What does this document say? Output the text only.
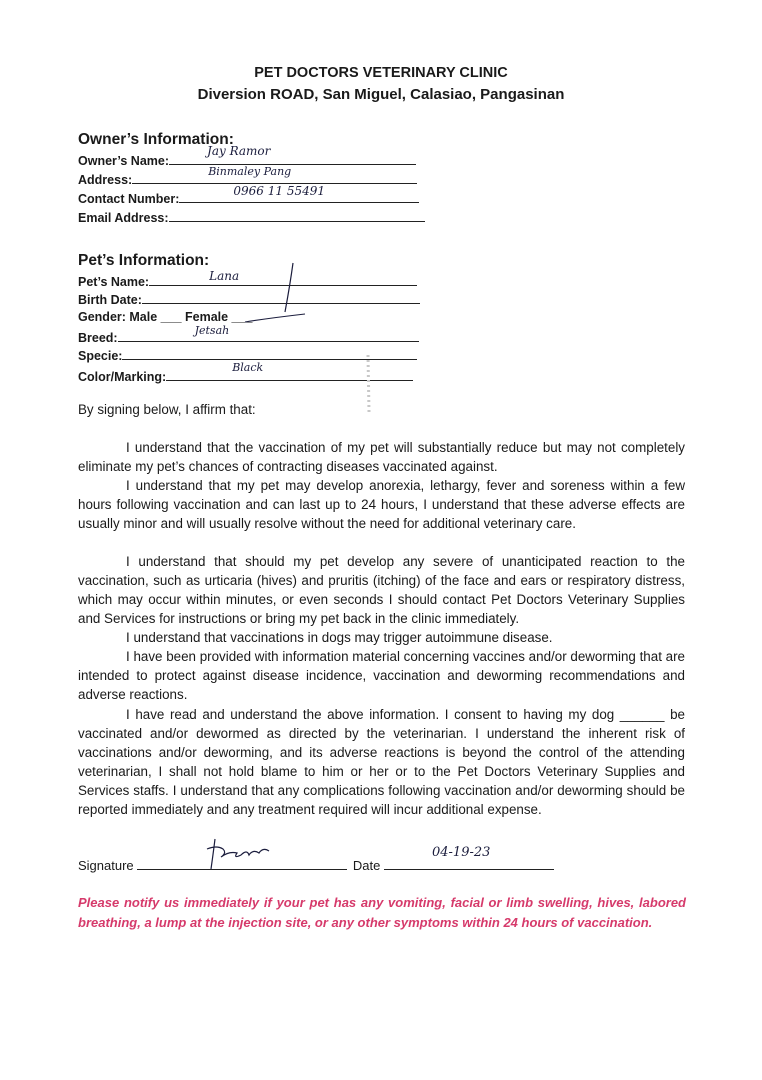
PET DOCTORS VETERINARY CLINIC
Diversion ROAD, San Miguel, Calasiao, Pangasinan
Owner’s Information:
Owner’s Name:
Jay Ramor
Address:
Binmaley Pang
Contact Number:
0966 11 55491
Email Address:
Pet’s Information:
Pet’s Name:	Lana
Birth Date:
Gender: Male ___ Female ___
Breed:
Jetsah
Specie:
Color/Marking:
Black
By signing below, I affirm that:
I understand that the vaccination of my pet will substantially reduce but may not completely eliminate my pet’s chances of contracting diseases vaccinated against.
I understand that my pet may develop anorexia, lethargy, fever and soreness within a few hours following vaccination and can last up to 24 hours, I understand that these adverse effects are usually minor and will usually resolve without the need for additional veterinary care.
I understand that should my pet develop any severe of unanticipated reaction to the vaccination, such as urticaria (hives) and pruritis (itching) of the face and ears or respiratory distress, which may occur within minutes, or even seconds I should contact Pet Doctors Veterinary Supplies and Services for instructions or bring my pet back in the clinic immediately.
I understand that vaccinations in dogs may trigger autoimmune disease.
I have been provided with information material concerning vaccines and/or deworming that are intended to protect against disease incidence, vaccination and deworming recommendations and adverse reactions.
I have read and understand the above information. I consent to having my dog ______ be vaccinated and/or dewormed as directed by the veterinarian. I understand the inherent risk of vaccinations and/or deworming, and its adverse reactions is beyond the control of the attending veterinarian, I shall not hold blame to him or her or to the Pet Doctors Veterinary Supplies and Services staffs. I understand that any complications following vaccination and/or deworming should be reported immediately and any treatment required will incur additional expense.
Signature	Date
04-19-23
Please notify us immediately if your pet has any vomiting, facial or limb swelling, hives, labored breathing, a lump at the injection site, or any other symptoms within 24 hours of vaccination.
